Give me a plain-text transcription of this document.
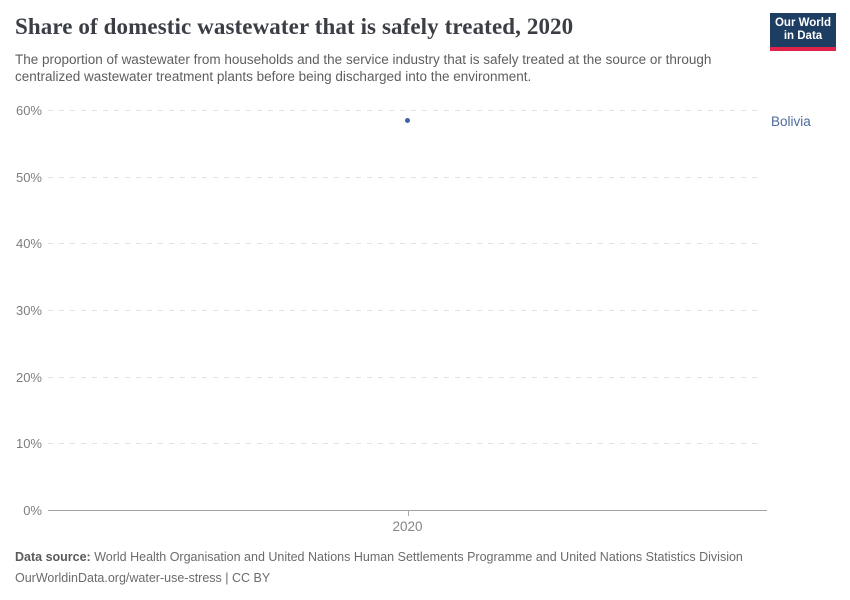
Share of domestic wastewater that is safely treated, 2020

The proportion of wastewater from households and the service industry that is safely treated at the source or through centralized wastewater treatment plants before being discharged into the environment.

Our World
in Data
0%
10%
20%
30%
40%
50%
60%
2020
Bolivia
Data source: World Health Organisation and United Nations Human Settlements Programme and United Nations Statistics Division
OurWorldinData.org/water-use-stress | CC BY
